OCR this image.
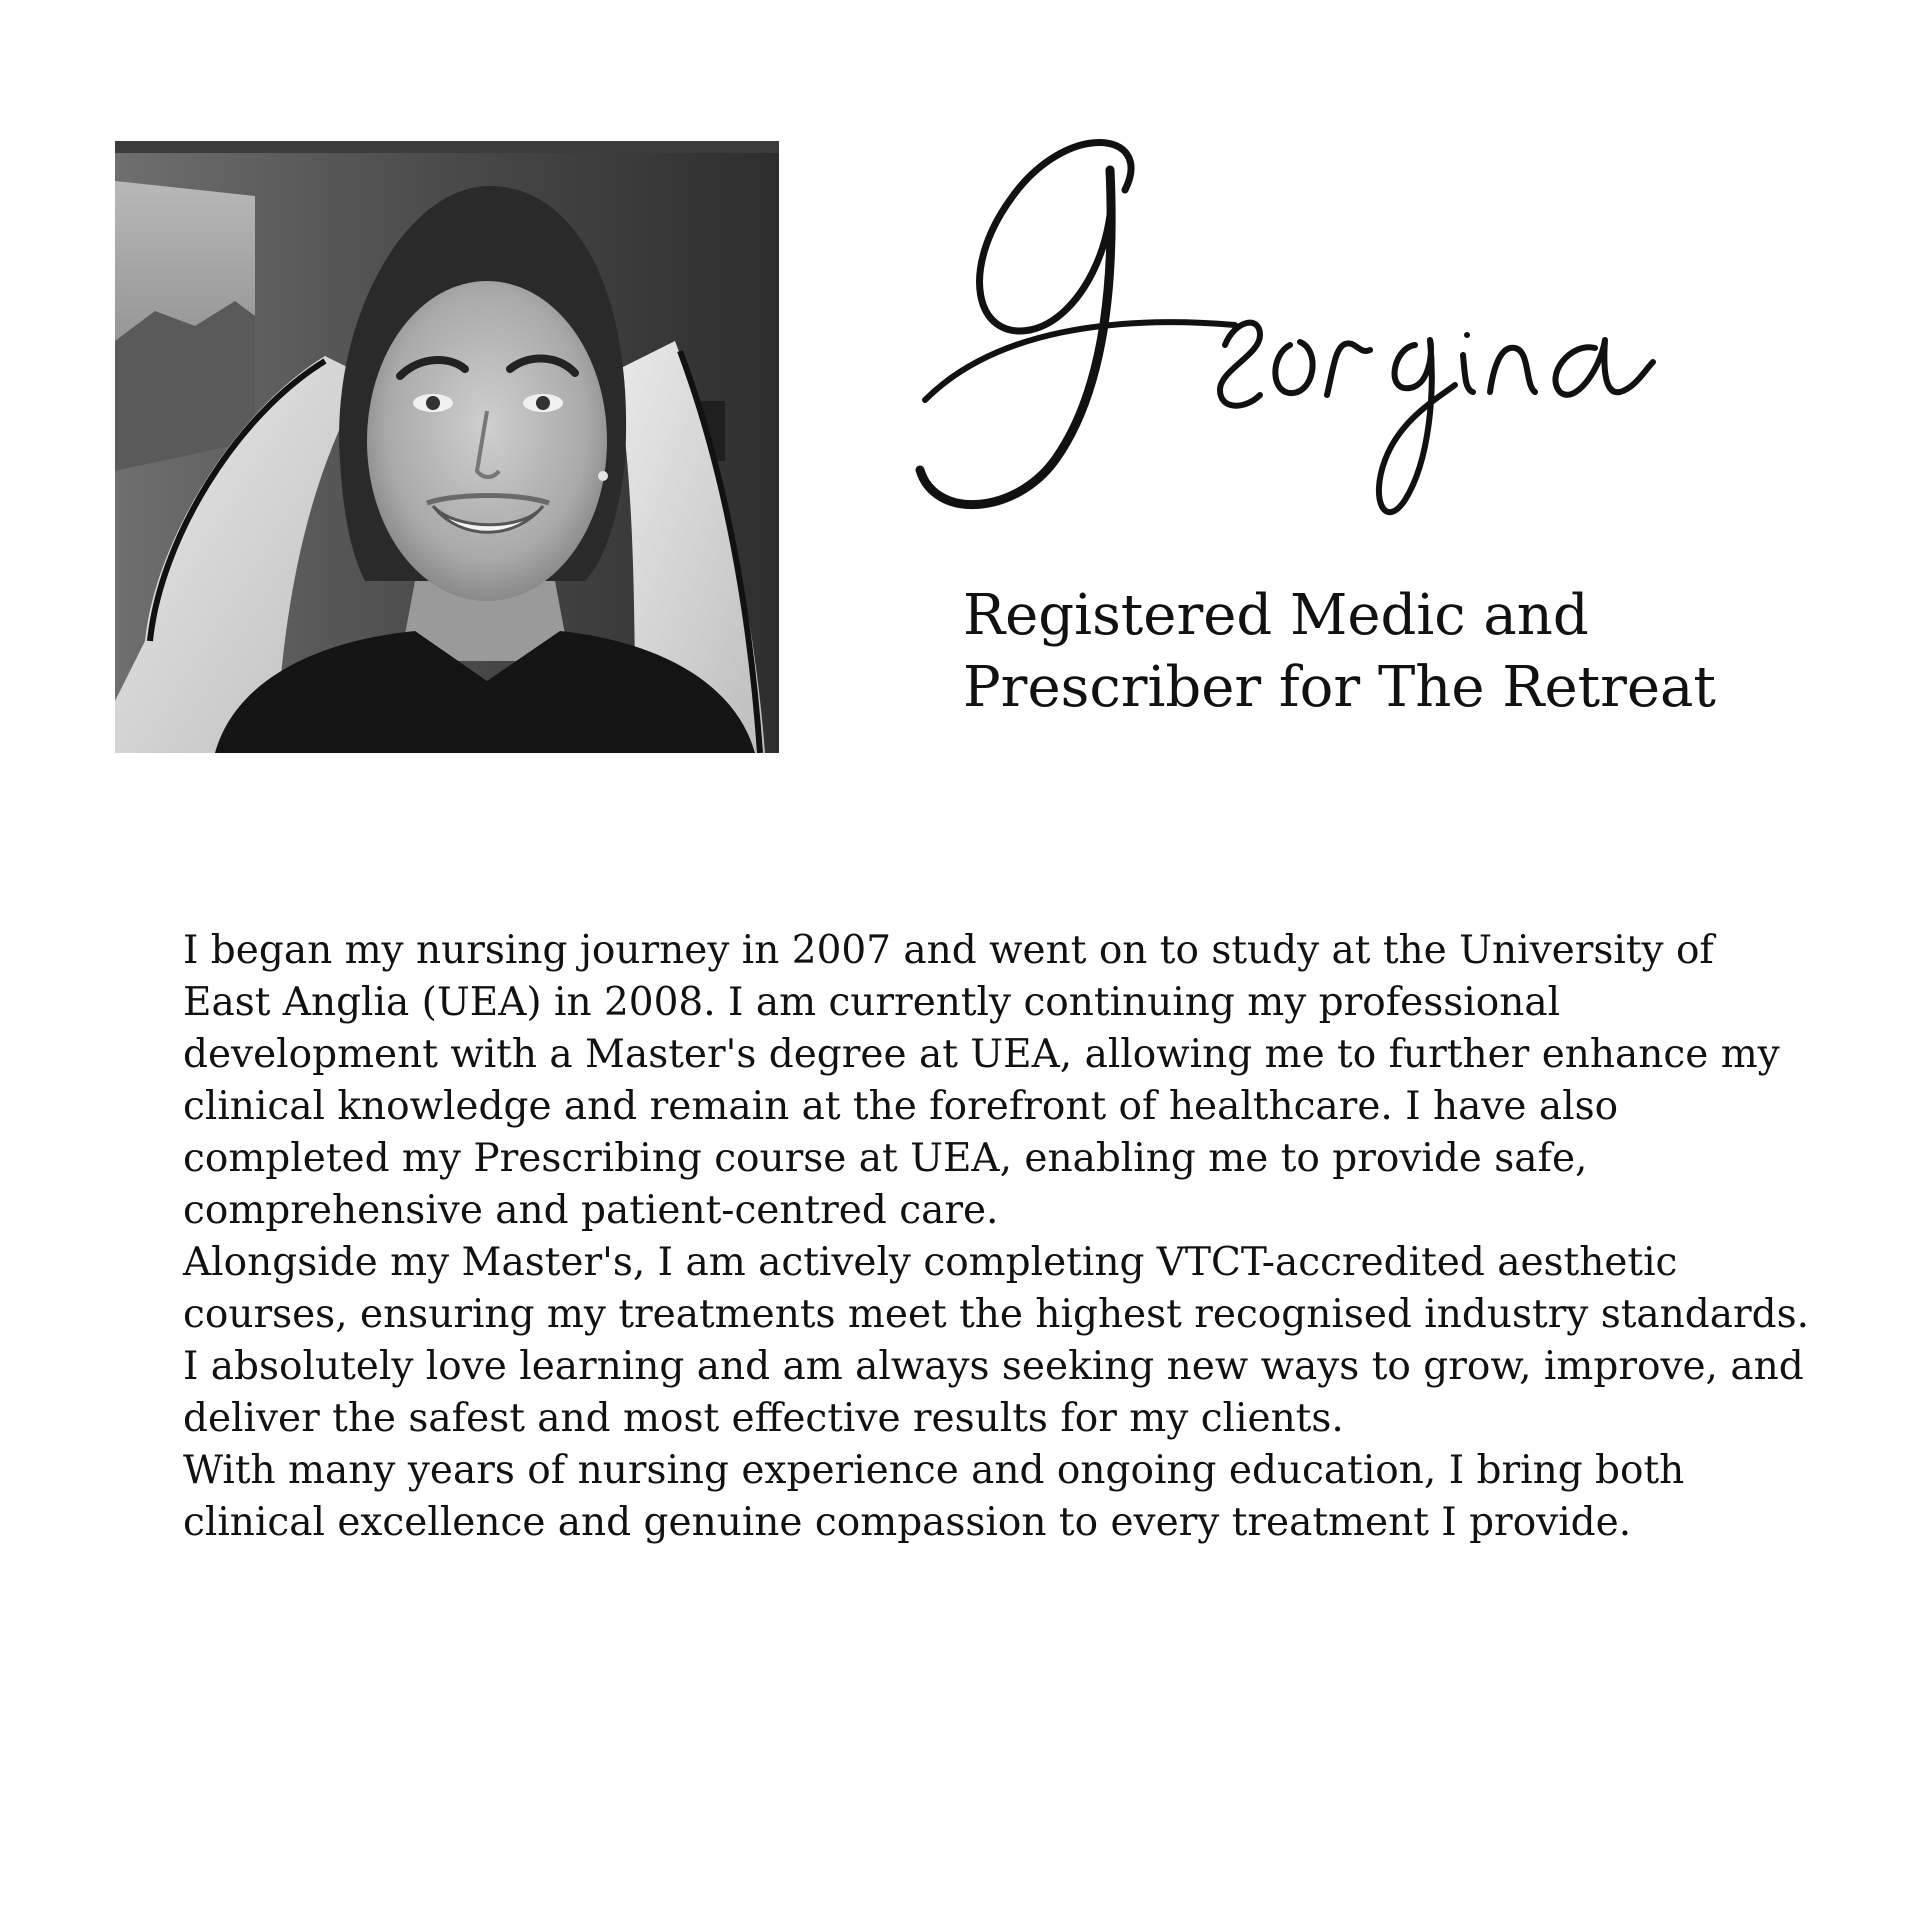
Registered Medic and
Prescriber for The Retreat

I began my nursing journey in 2007 and went on to study at the University of East Anglia (UEA) in 2008. I am currently continuing my professional development with a Master's degree at UEA, allowing me to further enhance my clinical knowledge and remain at the forefront of healthcare. I have also completed my Prescribing course at UEA, enabling me to provide safe, comprehensive and patient-centred care.

Alongside my Master's, I am actively completing VTCT-accredited aesthetic courses, ensuring my treatments meet the highest recognised industry standards. I absolutely love learning and am always seeking new ways to grow, improve, and deliver the safest and most effective results for my clients.

With many years of nursing experience and ongoing education, I bring both clinical excellence and genuine compassion to every treatment I provide.
